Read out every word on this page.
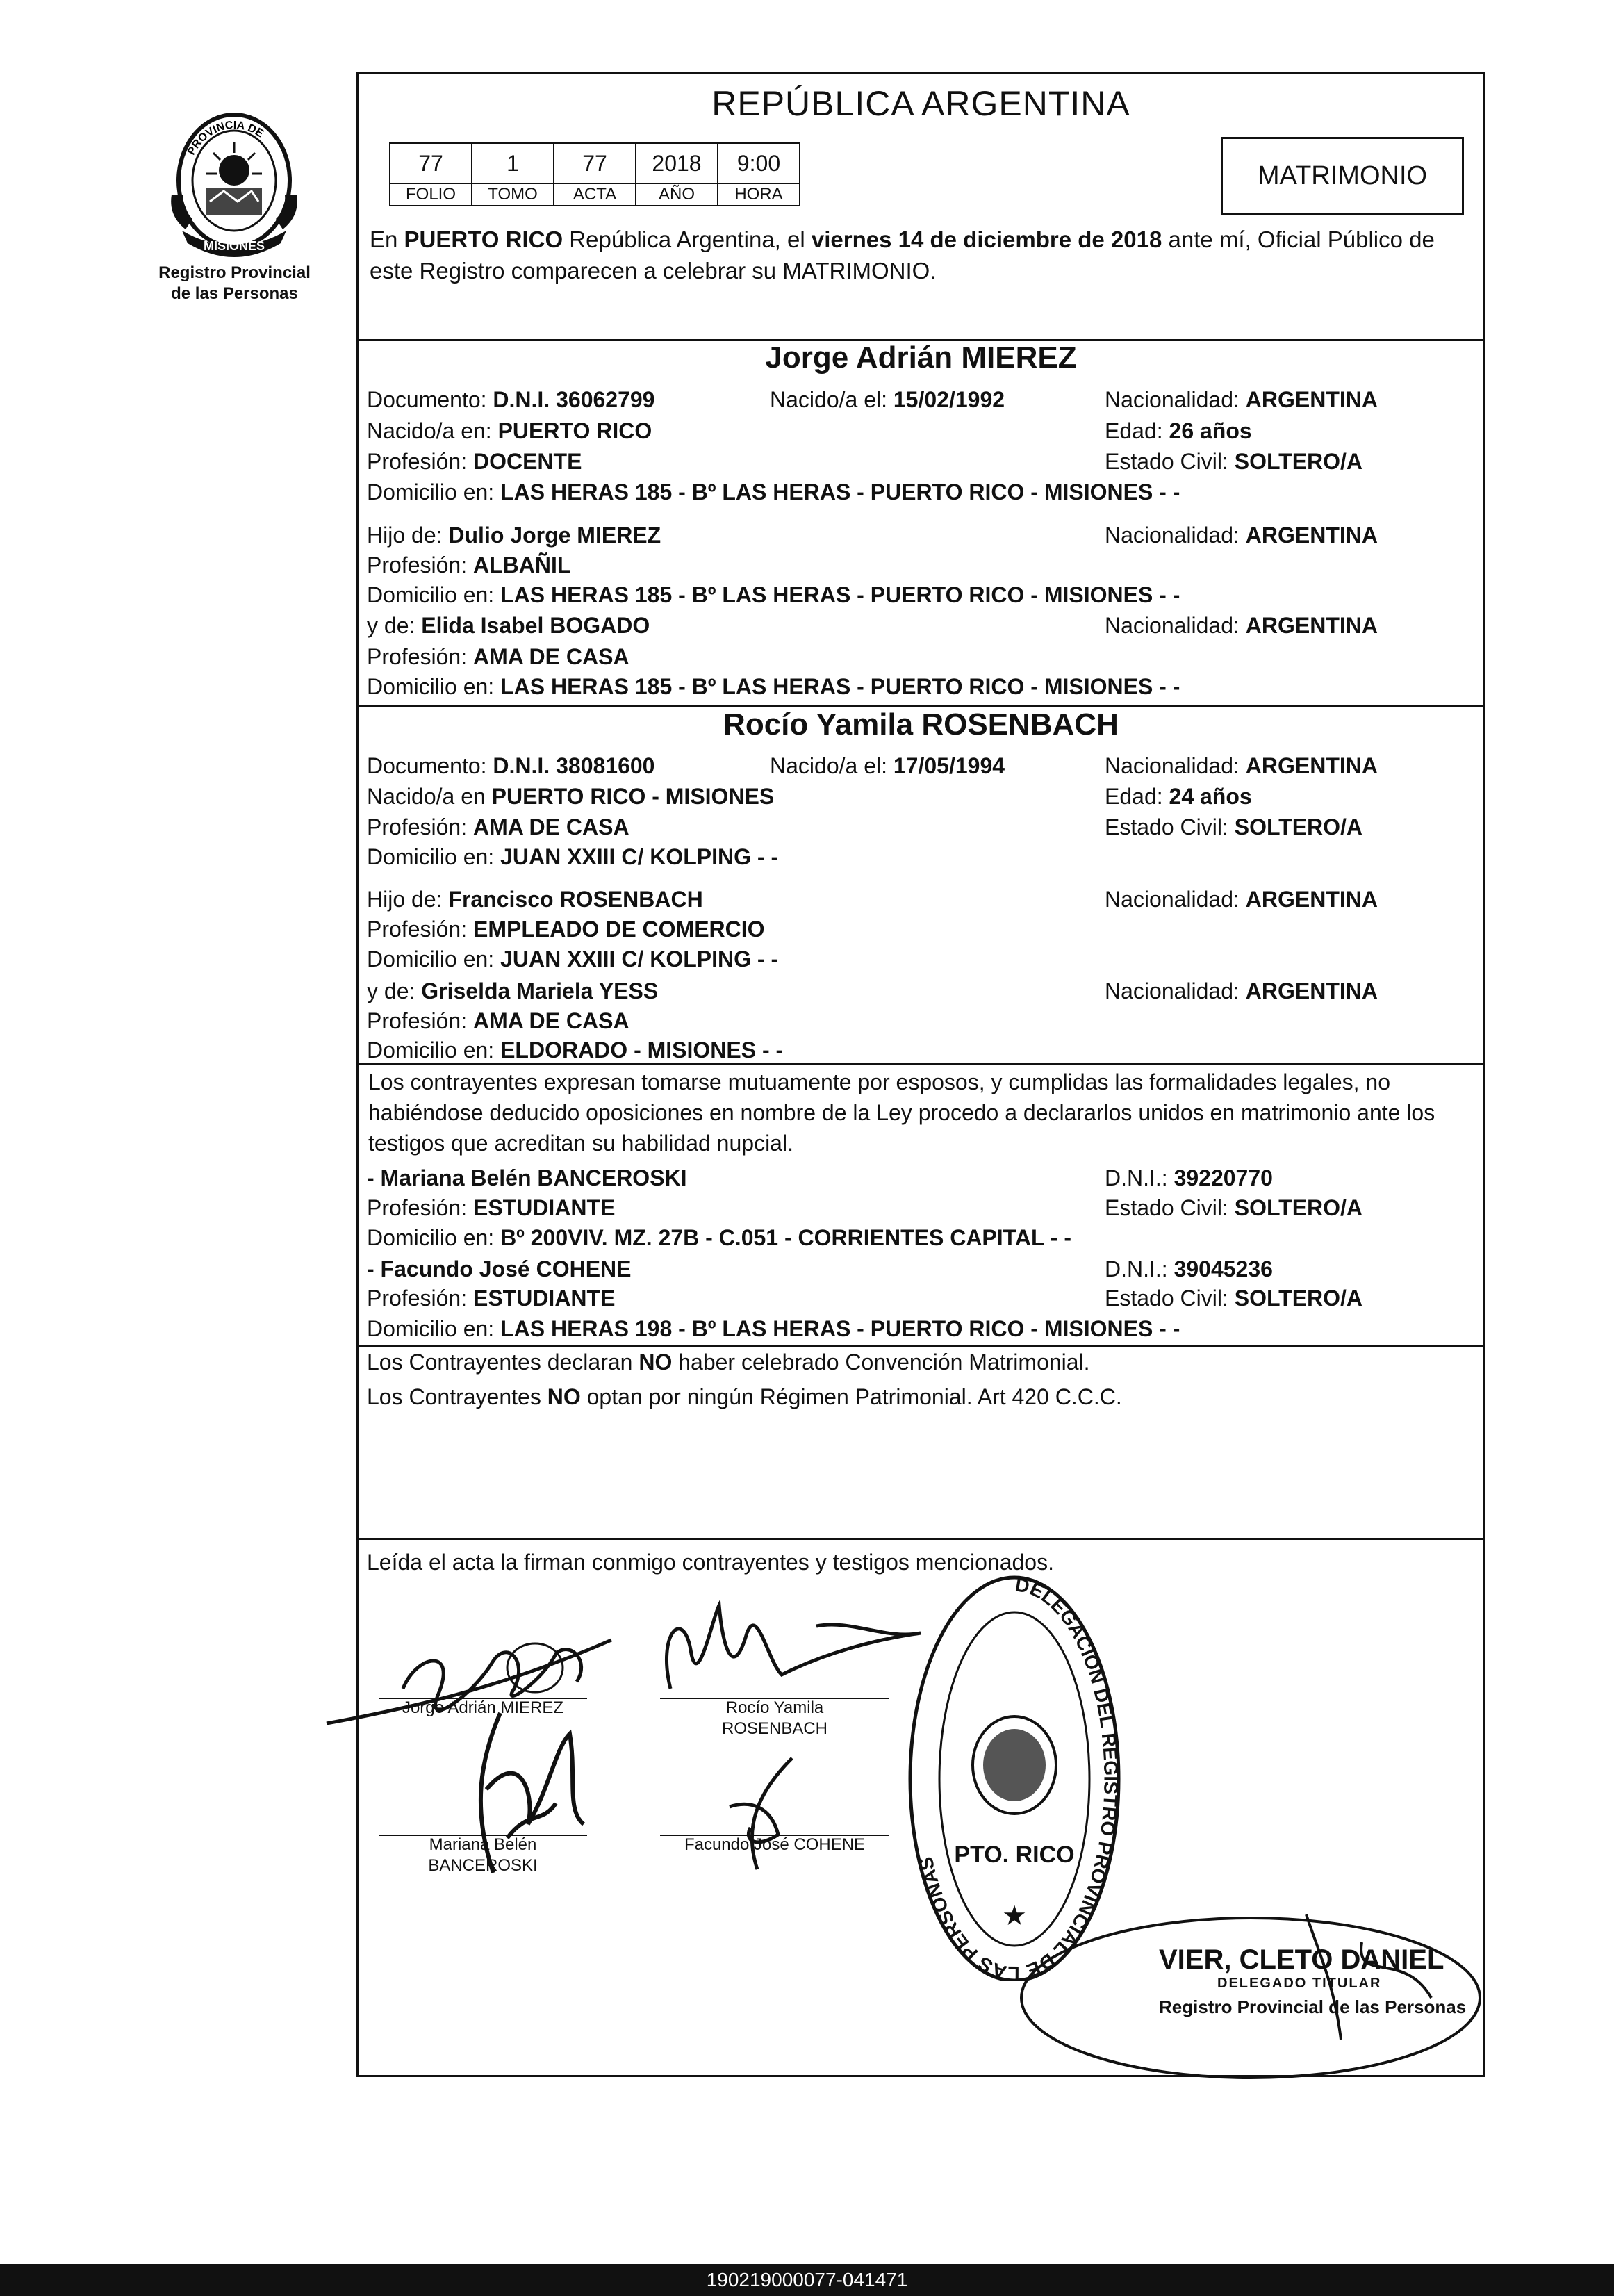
PROVINCIA DE
MISIONES
Registro Provincial
de las Personas
REPÚBLICA ARGENTINA
77	1	77	2018	9:00
FOLIO	TOMO	ACTA	AÑO	HORA
MATRIMONIO
En PUERTO RICO República Argentina, el viernes 14 de diciembre de 2018 ante mí, Oficial Público de este Registro comparecen a celebrar su MATRIMONIO.
Jorge Adrián MIEREZ
Documento: D.N.I. 36062799	Nacido/a el: 15/02/1992	Nacionalidad: ARGENTINA
Nacido/a en: PUERTO RICO	Edad: 26 años
Profesión: DOCENTE	Estado Civil: SOLTERO/A
Domicilio en: LAS HERAS 185 - Bº LAS HERAS - PUERTO RICO - MISIONES - -
Hijo de: Dulio Jorge MIEREZ	Nacionalidad: ARGENTINA
Profesión: ALBAÑIL
Domicilio en: LAS HERAS 185 - Bº LAS HERAS - PUERTO RICO - MISIONES - -
y de: Elida Isabel BOGADO	Nacionalidad: ARGENTINA
Profesión: AMA DE CASA
Domicilio en: LAS HERAS 185 - Bº LAS HERAS - PUERTO RICO - MISIONES - -
Rocío Yamila ROSENBACH
Documento: D.N.I. 38081600	Nacido/a el: 17/05/1994	Nacionalidad: ARGENTINA
Nacido/a en PUERTO RICO - MISIONES	Edad: 24 años
Profesión: AMA DE CASA	Estado Civil: SOLTERO/A
Domicilio en: JUAN XXIII C/ KOLPING - -
Hijo de: Francisco ROSENBACH	Nacionalidad: ARGENTINA
Profesión: EMPLEADO DE COMERCIO
Domicilio en: JUAN XXIII C/ KOLPING - -
y de: Griselda Mariela YESS	Nacionalidad: ARGENTINA
Profesión: AMA DE CASA
Domicilio en: ELDORADO - MISIONES - -
Los contrayentes expresan tomarse mutuamente por esposos, y cumplidas las formalidades legales, no habiéndose deducido oposiciones en nombre de la Ley procedo a declararlos unidos en matrimonio ante los testigos que acreditan su habilidad nupcial.
- Mariana Belén BANCEROSKI	D.N.I.: 39220770
Profesión: ESTUDIANTE	Estado Civil: SOLTERO/A
Domicilio en: Bº 200VIV. MZ. 27B - C.051 - CORRIENTES CAPITAL - -
- Facundo José COHENE	D.N.I.: 39045236
Profesión: ESTUDIANTE	Estado Civil: SOLTERO/A
Domicilio en: LAS HERAS 198 - Bº LAS HERAS - PUERTO RICO - MISIONES - -
Los Contrayentes declaran NO haber celebrado Convención Matrimonial.
Los Contrayentes NO optan por ningún Régimen Patrimonial. Art 420 C.C.C.
Leída el acta la firman conmigo contrayentes y testigos mencionados.
Jorge Adrián MIEREZ	Rocío Yamila
ROSENBACH
Mariana Belén
BANCEROSKI
Facundo José COHENE
DELEGACION DEL REGISTRO PROVINCIAL DE LAS PERSONAS PTO. RICO
★
VIER, CLETO DANIEL
DELEGADO TITULAR
Registro Provincial de las Personas
190219000077-041471
